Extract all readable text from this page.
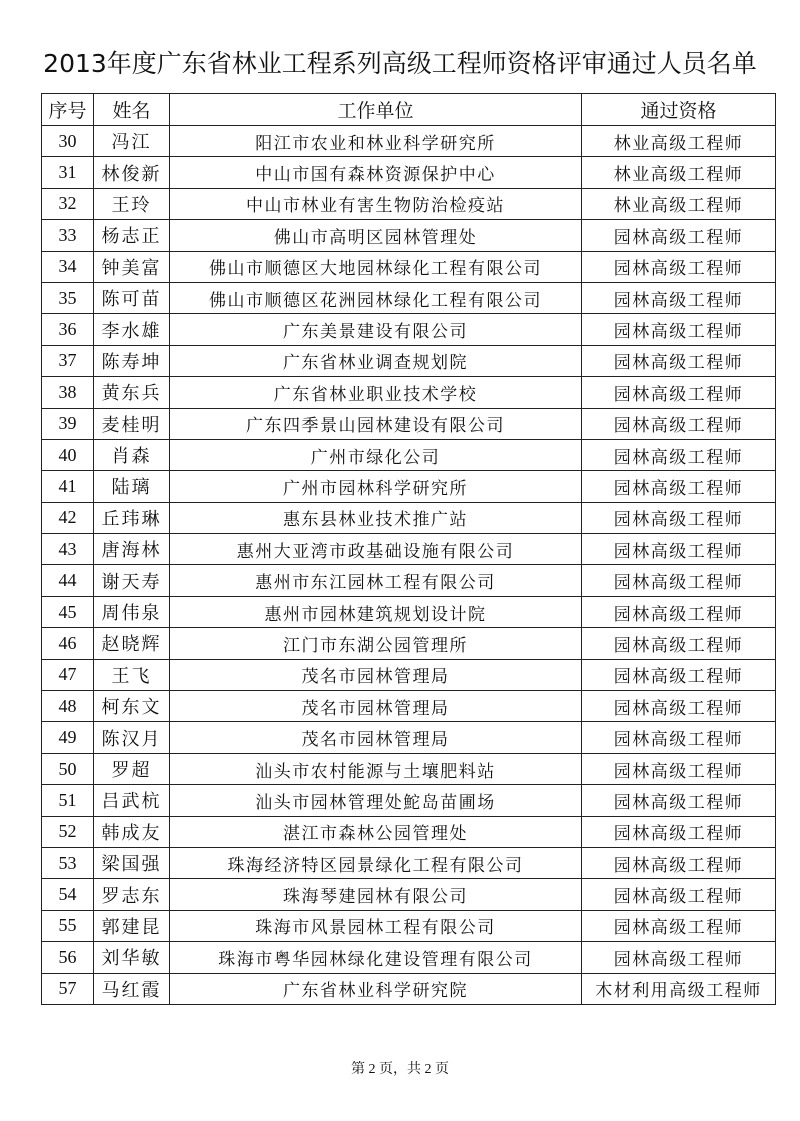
2013年度广东省林业工程系列高级工程师资格评审通过人员名单
序号	姓名	工作单位	通过资格
30	冯江	阳江市农业和林业科学研究所	林业高级工程师
31	林俊新	中山市国有森林资源保护中心	林业高级工程师
32	王玲	中山市林业有害生物防治检疫站	林业高级工程师
33	杨志正	佛山市高明区园林管理处	园林高级工程师
34	钟美富	佛山市顺德区大地园林绿化工程有限公司	园林高级工程师
35	陈可苗	佛山市顺德区花洲园林绿化工程有限公司	园林高级工程师
36	李水雄	广东美景建设有限公司	园林高级工程师
37	陈寿坤	广东省林业调查规划院	园林高级工程师
38	黄东兵	广东省林业职业技术学校	园林高级工程师
39	麦桂明	广东四季景山园林建设有限公司	园林高级工程师
40	肖森	广州市绿化公司	园林高级工程师
41	陆璃	广州市园林科学研究所	园林高级工程师
42	丘玮琳	惠东县林业技术推广站	园林高级工程师
43	唐海林	惠州大亚湾市政基础设施有限公司	园林高级工程师
44	谢天寿	惠州市东江园林工程有限公司	园林高级工程师
45	周伟泉	惠州市园林建筑规划设计院	园林高级工程师
46	赵晓辉	江门市东湖公园管理所	园林高级工程师
47	王飞	茂名市园林管理局	园林高级工程师
48	柯东文	茂名市园林管理局	园林高级工程师
49	陈汉月	茂名市园林管理局	园林高级工程师
50	罗超	汕头市农村能源与土壤肥料站	园林高级工程师
51	吕武杭	汕头市园林管理处鮀岛苗圃场	园林高级工程师
52	韩成友	湛江市森林公园管理处	园林高级工程师
53	梁国强	珠海经济特区园景绿化工程有限公司	园林高级工程师
54	罗志东	珠海琴建园林有限公司	园林高级工程师
55	郭建昆	珠海市风景园林工程有限公司	园林高级工程师
56	刘华敏	珠海市粤华园林绿化建设管理有限公司	园林高级工程师
57	马红霞	广东省林业科学研究院	木材利用高级工程师
第 2 页，共 2 页
